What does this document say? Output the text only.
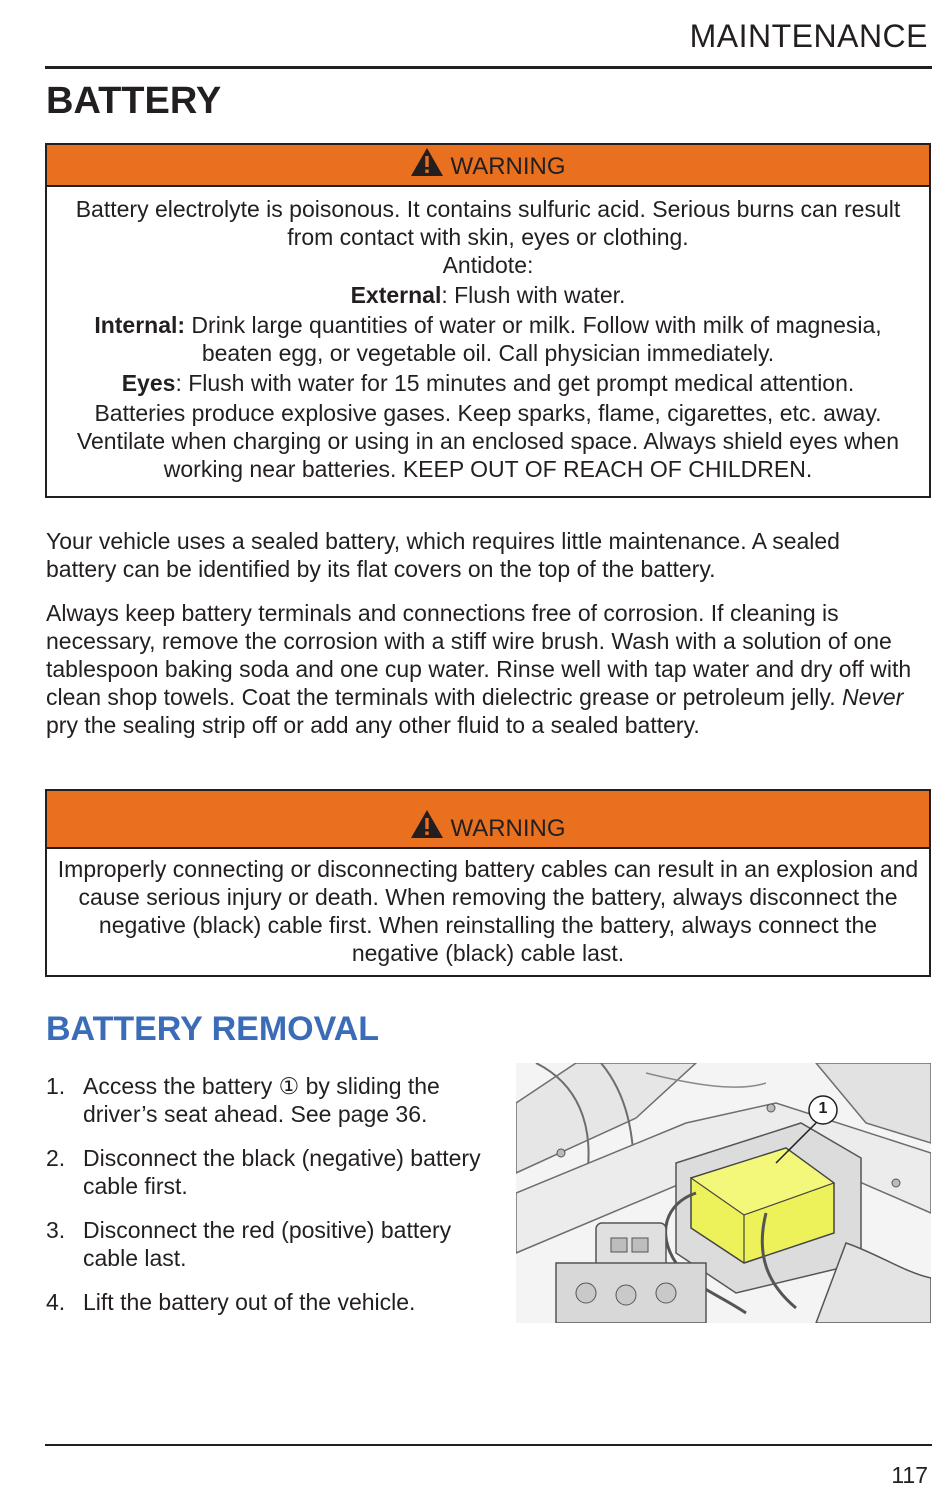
MAINTENANCE
BATTERY
WARNING

Battery electrolyte is poisonous. It contains sulfuric acid. Serious burns can result from contact with skin, eyes or clothing.

Antidote:

External: Flush with water.

Internal: Drink large quantities of water or milk. Follow with milk of magnesia, beaten egg, or vegetable oil. Call physician immediately.

Eyes: Flush with water for 15 minutes and get prompt medical attention.

Batteries produce explosive gases. Keep sparks, flame, cigarettes, etc. away. Ventilate when charging or using in an enclosed space. Always shield eyes when working near batteries. KEEP OUT OF REACH OF CHILDREN.

Your vehicle uses a sealed battery, which requires little maintenance. A sealed battery can be identified by its flat covers on the top of the battery.

Always keep battery terminals and connections free of corrosion. If cleaning is necessary, remove the corrosion with a stiff wire brush. Wash with a solution of one tablespoon baking soda and one cup water. Rinse well with tap water and dry off with clean shop towels. Coat the terminals with dielectric grease or petroleum jelly. Never pry the sealing strip off or add any other fluid to a sealed battery.

WARNING

Improperly connecting or disconnecting battery cables can result in an explosion and cause serious injury or death. When removing the battery, always disconnect the negative (black) cable first. When reinstalling the battery, always connect the negative (black) cable last.

BATTERY REMOVAL
1. Access the battery ① by sliding the driver’s seat ahead. See page 36.
2. Disconnect the black (negative) battery cable first.
3. Disconnect the red (positive) battery cable last.
4. Lift the battery out of the vehicle.
1
117
